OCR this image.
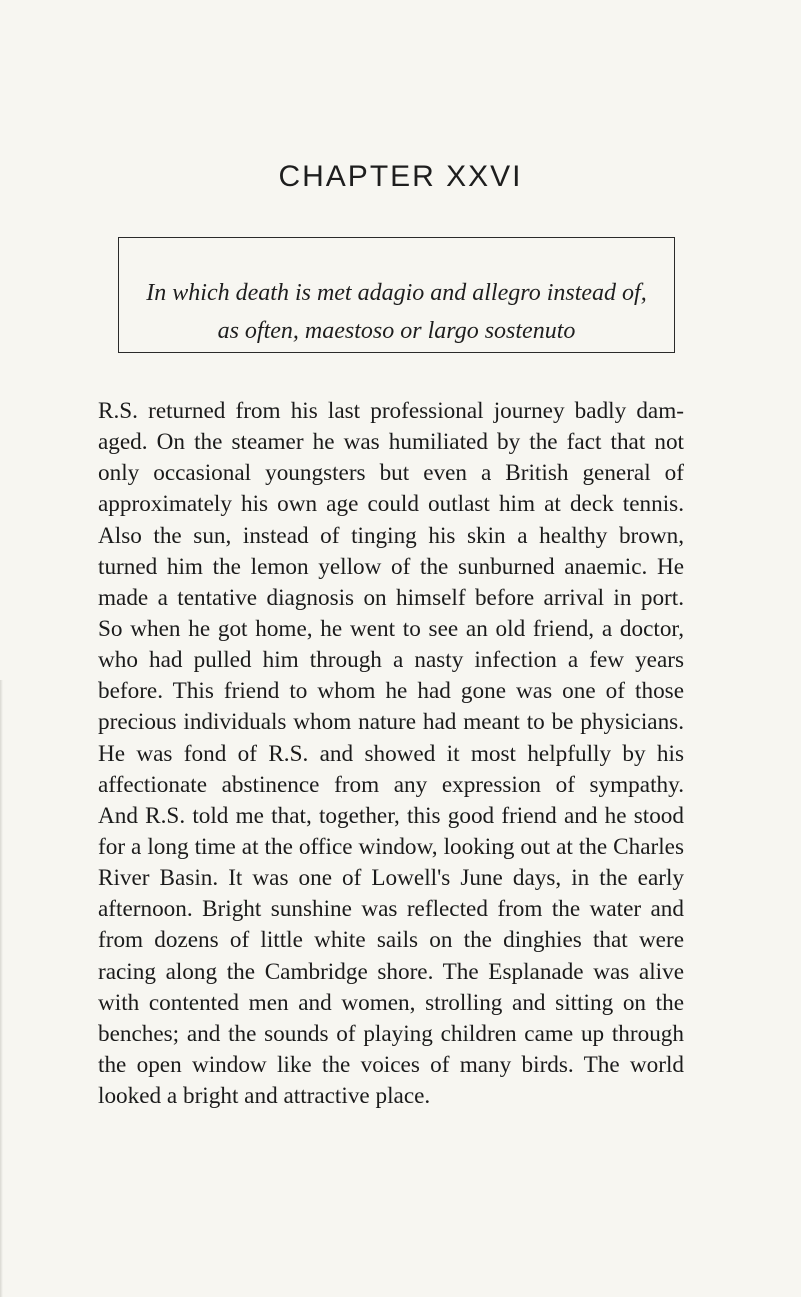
CHAPTER XXVI

In which death is met adagio and allegro instead of,
as often, maestoso or largo sostenuto

R.S. returned from his last professional journey badly dam-
aged. On the steamer he was humiliated by the fact that not
only occasional youngsters but even a British general of
approximately his own age could outlast him at deck tennis.
Also the sun, instead of tinging his skin a healthy brown,
turned him the lemon yellow of the sunburned anaemic. He
made a tentative diagnosis on himself before arrival in port.
So when he got home, he went to see an old friend, a doctor,
who had pulled him through a nasty infection a few years
before. This friend to whom he had gone was one of those
precious individuals whom nature had meant to be physicians.
He was fond of R.S. and showed it most helpfully by his
affectionate abstinence from any expression of sympathy.
And R.S. told me that, together, this good friend and he stood
for a long time at the office window, looking out at the Charles
River Basin. It was one of Lowell's June days, in the early
afternoon. Bright sunshine was reflected from the water and
from dozens of little white sails on the dinghies that were
racing along the Cambridge shore. The Esplanade was alive
with contented men and women, strolling and sitting on the
benches; and the sounds of playing children came up through
the open window like the voices of many birds. The world
looked a bright and attractive place.
